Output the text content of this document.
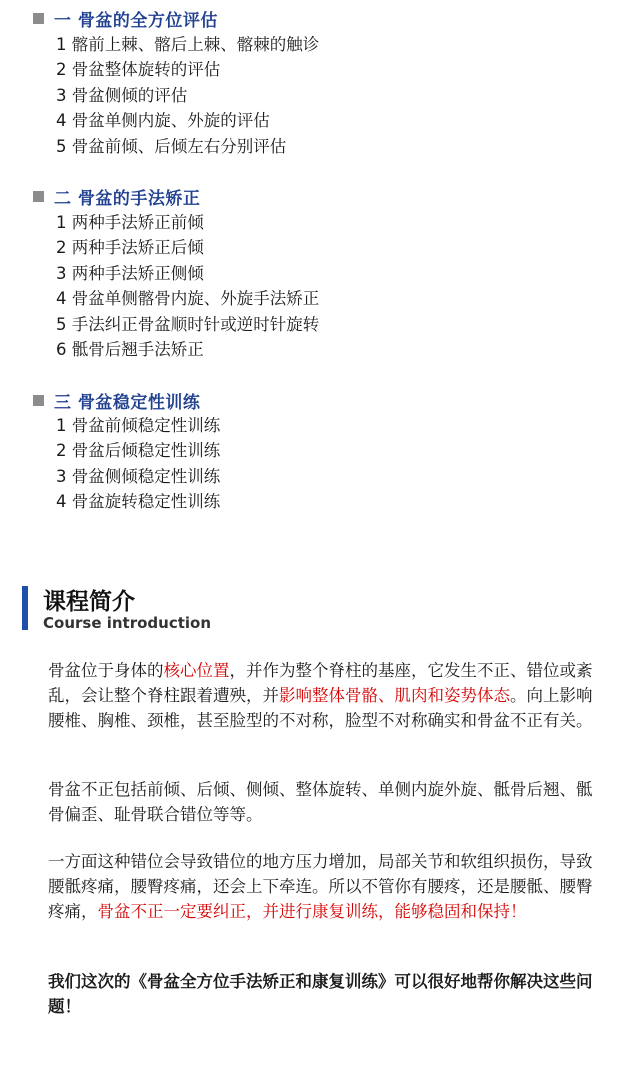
一 骨盆的全方位评估
1 髂前上棘、髂后上棘、髂棘的触诊
2 骨盆整体旋转的评估
3 骨盆侧倾的评估
4 骨盆单侧内旋、外旋的评估
5 骨盆前倾、后倾左右分别评估
二 骨盆的手法矫正
1 两种手法矫正前倾
2 两种手法矫正后倾
3 两种手法矫正侧倾
4 骨盆单侧髂骨内旋、外旋手法矫正
5 手法纠正骨盆顺时针或逆时针旋转
6 骶骨后翘手法矫正
三 骨盆稳定性训练
1 骨盆前倾稳定性训练
2 骨盆后倾稳定性训练
3 骨盆侧倾稳定性训练
4 骨盆旋转稳定性训练
课程简介
Course introduction
骨盆位于身体的核心位置，并作为整个脊柱的基座，它发生不正、错位或紊乱，会让整个脊柱跟着遭殃，并影响整体骨骼、肌肉和姿势体态。向上影响腰椎、胸椎、颈椎，甚至脸型的不对称，脸型不对称确实和骨盆不正有关。
骨盆不正包括前倾、后倾、侧倾、整体旋转、单侧内旋外旋、骶骨后翘、骶骨偏歪、耻骨联合错位等等。
一方面这种错位会导致错位的地方压力增加，局部关节和软组织损伤，导致腰骶疼痛，腰臀疼痛，还会上下牵连。所以不管你有腰疼，还是腰骶、腰臀疼痛，骨盆不正一定要纠正，并进行康复训练，能够稳固和保持！
我们这次的《骨盆全方位手法矫正和康复训练》可以很好地帮你解决这些问题！
